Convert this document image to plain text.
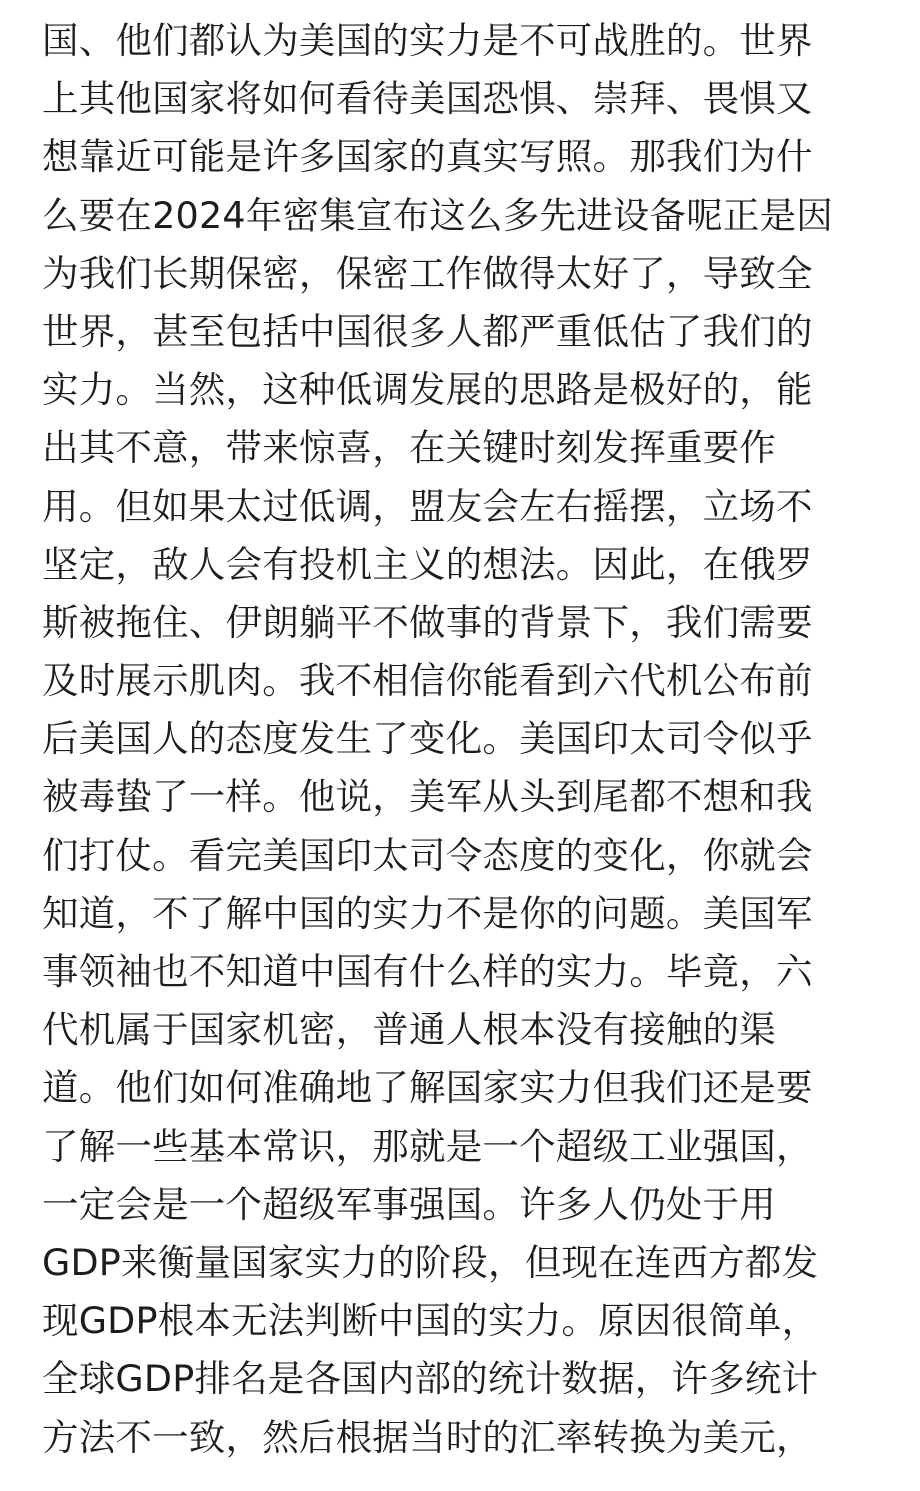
国、他们都认为美国的实力是不可战胜的。世界
上其他国家将如何看待美国恐惧、崇拜、畏惧又
想靠近可能是许多国家的真实写照。那我们为什
么要在2024年密集宣布这么多先进设备呢正是因
为我们长期保密，保密工作做得太好了，导致全
世界，甚至包括中国很多人都严重低估了我们的
实力。当然，这种低调发展的思路是极好的，能
出其不意，带来惊喜，在关键时刻发挥重要作
用。但如果太过低调，盟友会左右摇摆，立场不
坚定，敌人会有投机主义的想法。因此，在俄罗
斯被拖住、伊朗躺平不做事的背景下，我们需要
及时展示肌肉。我不相信你能看到六代机公布前
后美国人的态度发生了变化。美国印太司令似乎
被毒蛰了一样。他说，美军从头到尾都不想和我
们打仗。看完美国印太司令态度的变化，你就会
知道，不了解中国的实力不是你的问题。美国军
事领袖也不知道中国有什么样的实力。毕竟，六
代机属于国家机密，普通人根本没有接触的渠
道。他们如何准确地了解国家实力但我们还是要
了解一些基本常识，那就是一个超级工业强国，
一定会是一个超级军事强国。许多人仍处于用
GDP来衡量国家实力的阶段，但现在连西方都发
现GDP根本无法判断中国的实力。原因很简单，
全球GDP排名是各国内部的统计数据，许多统计
方法不一致，然后根据当时的汇率转换为美元，
